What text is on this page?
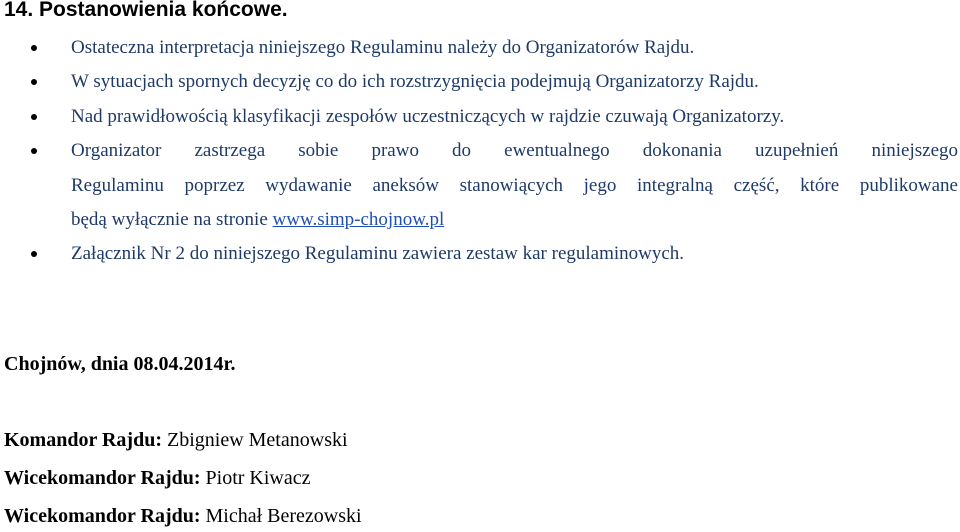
14. Postanowienia końcowe.
Ostateczna interpretacja niniejszego Regulaminu należy do Organizatorów Rajdu.
W sytuacjach spornych decyzję co do ich rozstrzygnięcia podejmują Organizatorzy Rajdu.
Nad prawidłowością klasyfikacji zespołów uczestniczących w rajdzie czuwają Organizatorzy.
Organizator zastrzega sobie prawo do ewentualnego dokonania uzupełnień niniejszego
Regulaminu poprzez wydawanie aneksów stanowiących jego integralną część, które publikowane
będą wyłącznie na stronie www.simp-chojnow.pl
Załącznik Nr 2 do niniejszego Regulaminu zawiera zestaw kar regulaminowych.
Chojnów, dnia 08.04.2014r.
Komandor Rajdu: Zbigniew Metanowski
Wicekomandor Rajdu: Piotr Kiwacz
Wicekomandor Rajdu: Michał Berezowski
